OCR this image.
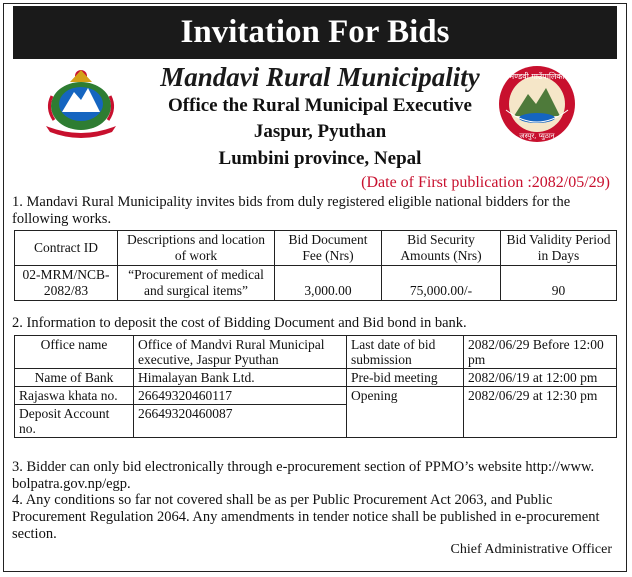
Invitation For Bids
मण्डवी गाउँपालिका
जस्पुर, प्युठान
Mandavi Rural Municipality
Office the Rural Municipal Executive
Jaspur, Pyuthan
Lumbini province, Nepal
(Date of First publication :2082/05/29)
1. Mandavi Rural Municipality invites bids from duly registered eligible national bidders for the following works.
Contract ID	Descriptions and location of work	Bid Document Fee (Nrs)	Bid Security Amounts (Nrs)	Bid Validity Period in Days
02-MRM/NCB-2082/83	“Procurement of medical and surgical items”	3,000.00	75,000.00/-	90
2. Information to deposit the cost of Bidding Document and Bid bond in bank.
Office name	Office of Mandvi Rural Municipal executive, Jaspur Pyuthan	Last date of bid submission	2082/06/29 Before 12:00 pm
Name of Bank	Himalayan Bank Ltd.	Pre-bid meeting	2082/06/19 at 12:00 pm
Rajaswa khata no.	26649320460117	Opening	2082/06/29 at 12:30 pm
Deposit Account no.	26649320460087		
3. Bidder can only bid electronically through e-procurement section of PPMO’s website http://www. bolpatra.gov.np/egp.
4. Any conditions so far not covered shall be as per Public Procurement Act 2063, and Public Procurement Regulation 2064. Any amendments in tender notice shall be published in e-procurement section.
Chief Administrative Officer
